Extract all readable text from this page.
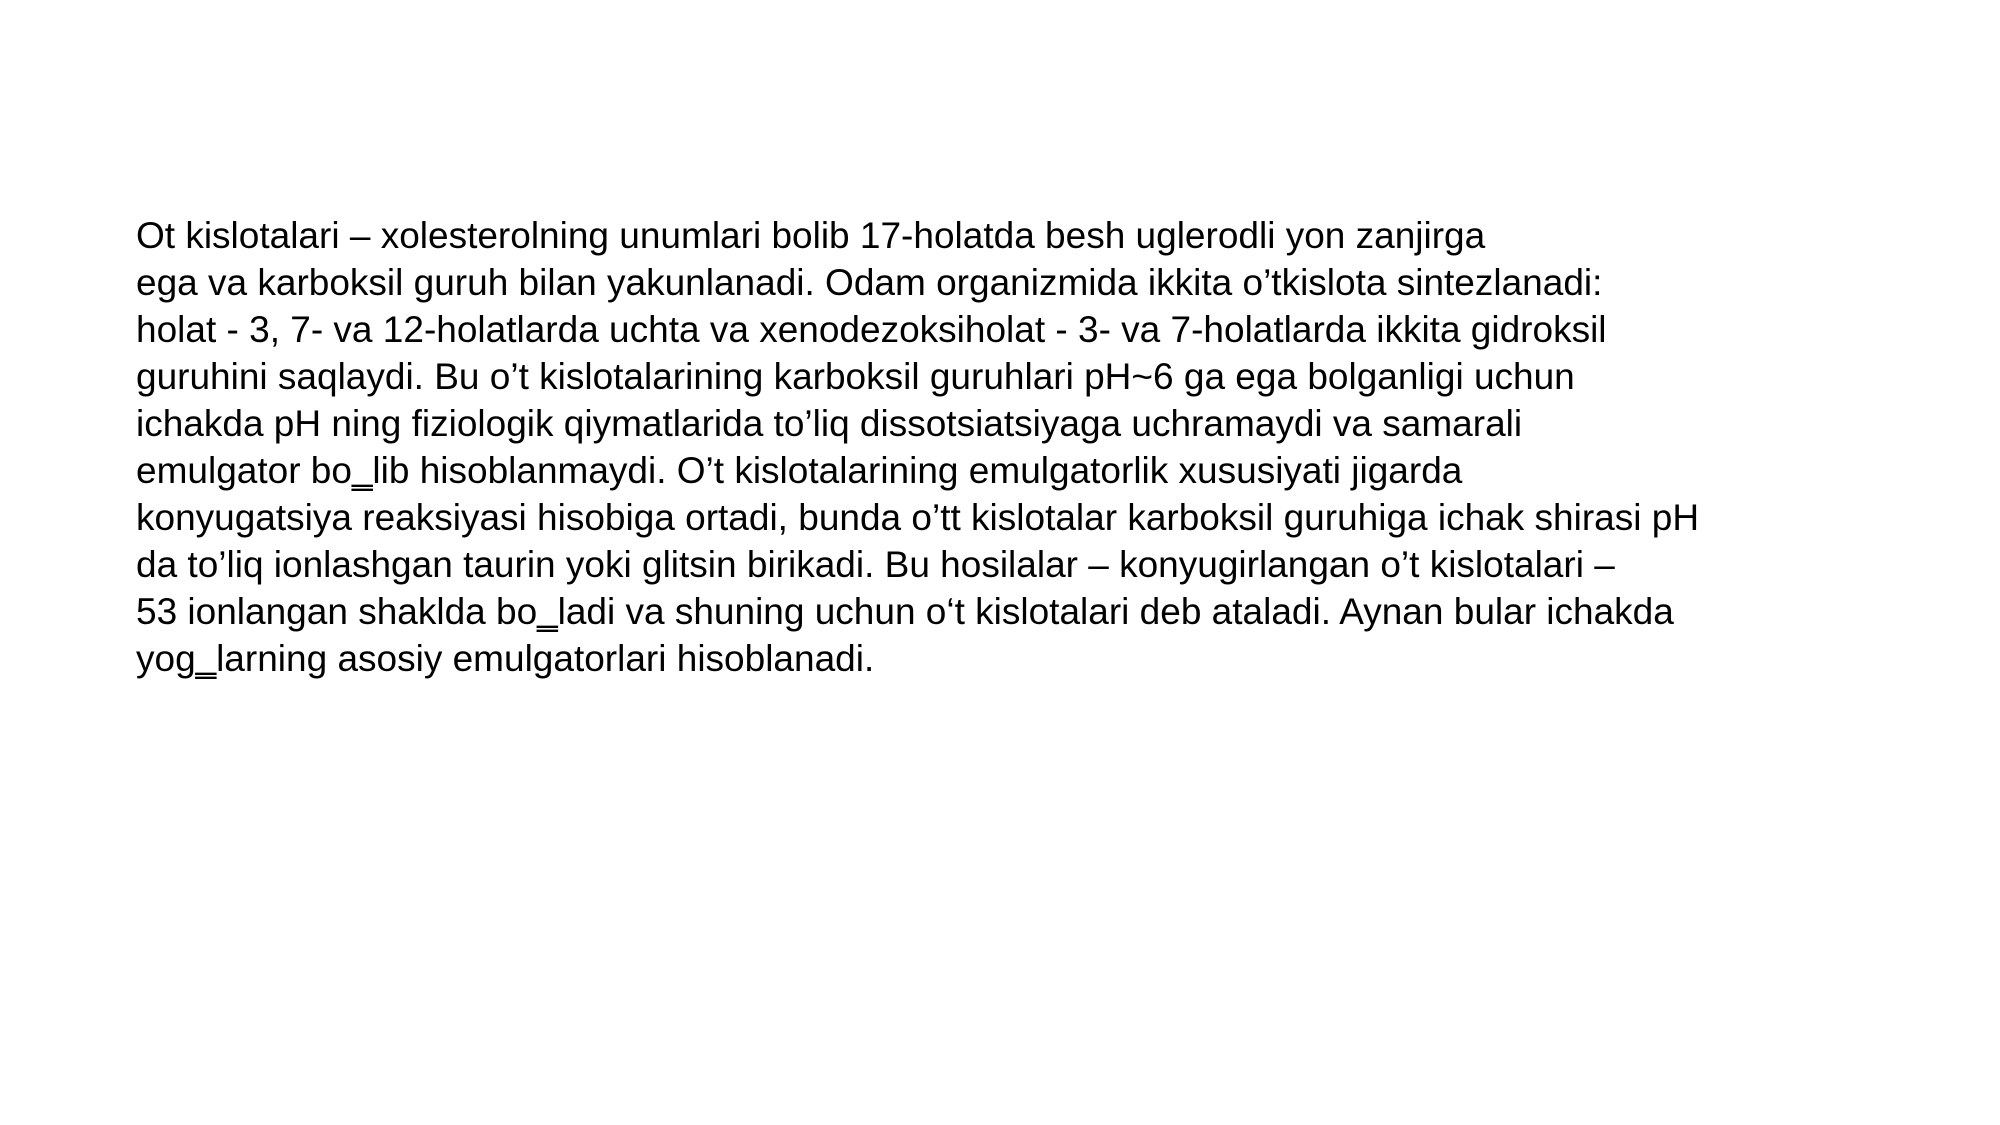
Ot kislotalari – xolesterolning unumlari bolib 17-holatda besh uglerodli yon zanjirga
ega va karboksil guruh bilan yakunlanadi. Odam organizmida ikkita o’tkislota sintezlanadi:
holat - 3, 7- va 12-holatlarda uchta va xenodezoksiholat - 3- va 7-holatlarda ikkita gidroksil
guruhini saqlaydi. Bu o’t kislotalarining karboksil guruhlari pH~6 ga ega bolganligi uchun
ichakda pH ning fiziologik qiymatlarida to’liq dissotsiatsiyaga uchramaydi va samarali
emulgator bo‗lib hisoblanmaydi. O’t kislotalarining emulgatorlik xususiyati jigarda
konyugatsiya reaksiyasi hisobiga ortadi, bunda o’tt kislotalar karboksil guruhiga ichak shirasi pH
da to’liq ionlashgan taurin yoki glitsin birikadi. Bu hosilalar – konyugirlangan o’t kislotalari –
53 ionlangan shaklda bo‗ladi va shuning uchun o‘t kislotalari deb ataladi. Aynan bular ichakda
yog‗larning asosiy emulgatorlari hisoblanadi.
